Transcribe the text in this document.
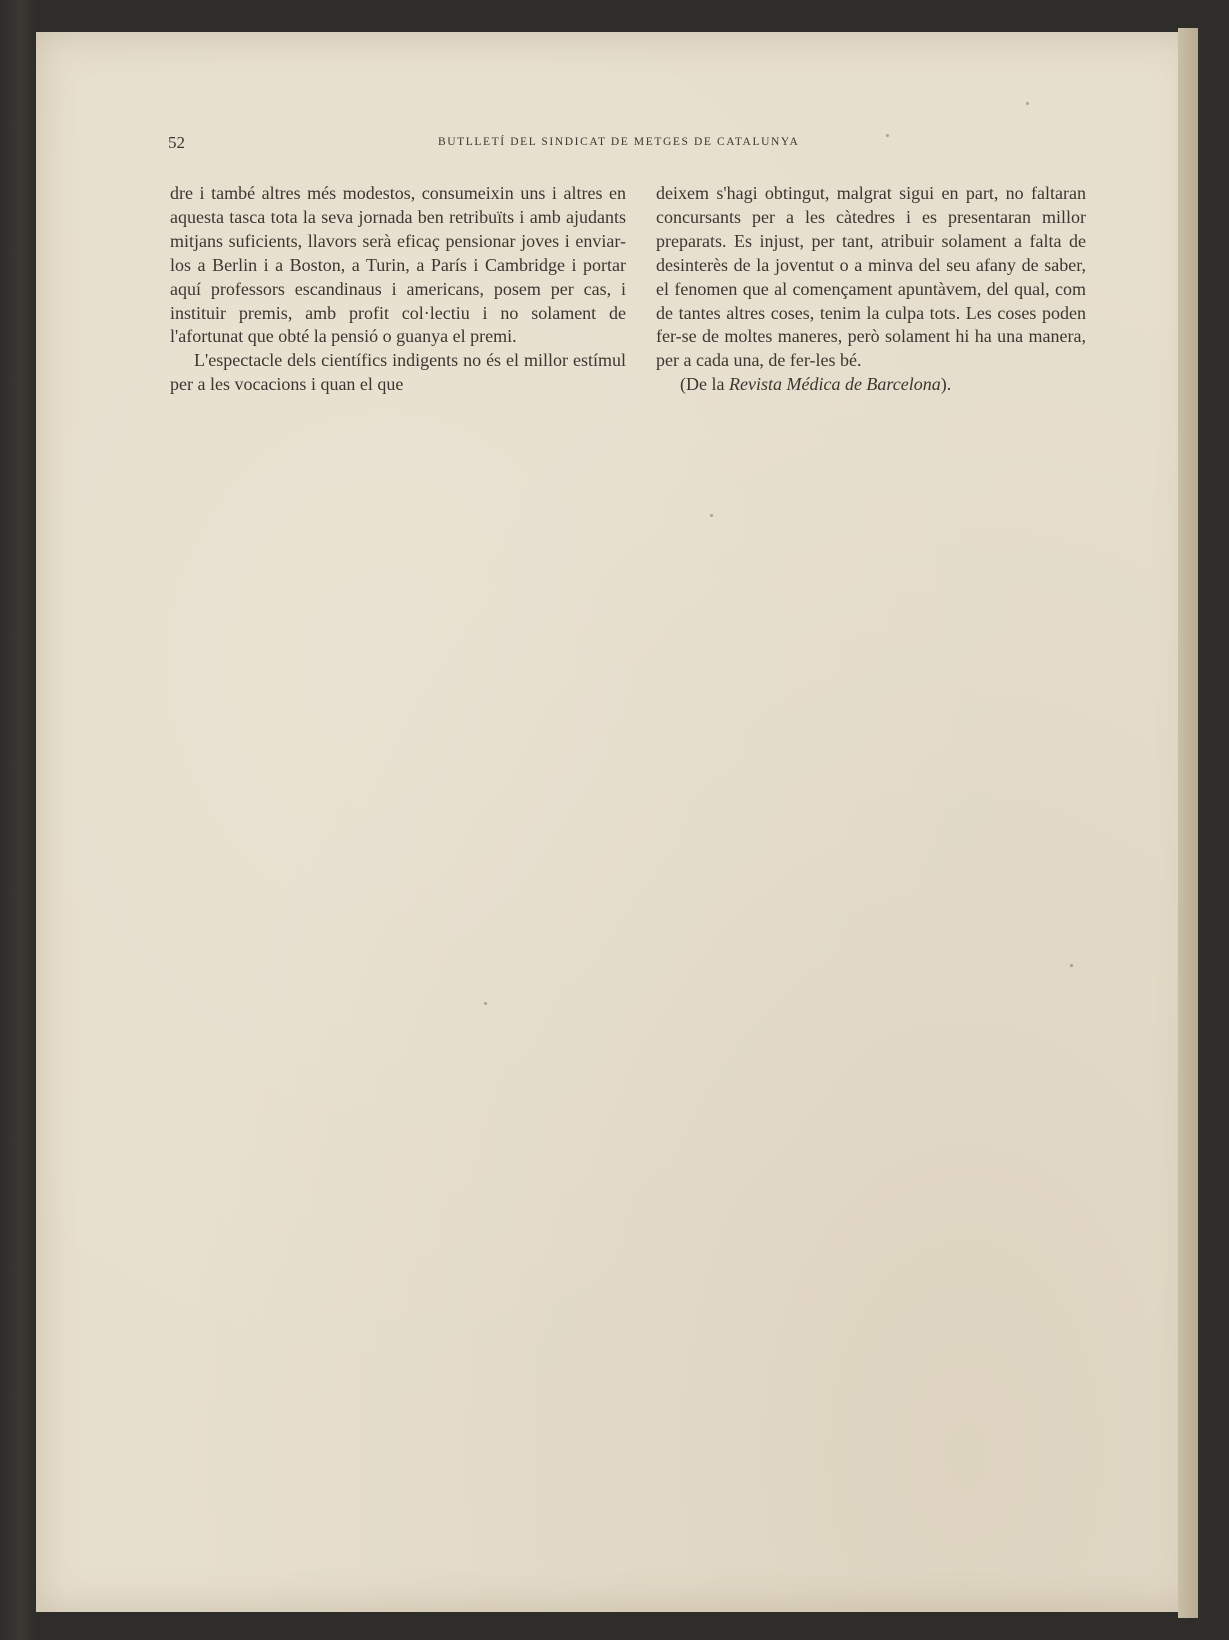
52	BUTLLETÍ DEL SINDICAT DE METGES DE CATALUNYA

dre i també altres més modestos, consumeixin uns i altres en aquesta tasca tota la seva jornada ben retribuïts i amb ajudants mitjans suficients, llavors serà eficaç pensionar joves i enviar-los a Berlin i a Boston, a Turin, a París i Cambridge i portar aquí professors escandinaus i americans, posem per cas, i instituir premis, amb profit col·lectiu i no solament de l'afortunat que obté la pensió o guanya el premi.

L'espectacle dels científics indigents no és el millor estímul per a les vocacions i quan el que

deixem s'hagi obtingut, malgrat sigui en part, no faltaran concursants per a les càtedres i es presentaran millor preparats. Es injust, per tant, atribuir solament a falta de desinterès de la joventut o a minva del seu afany de saber, el fenomen que al començament apuntàvem, del qual, com de tantes altres coses, tenim la culpa tots. Les coses poden fer-se de moltes maneres, però solament hi ha una manera, per a cada una, de fer-les bé.

(De la Revista Médica de Barcelona).
